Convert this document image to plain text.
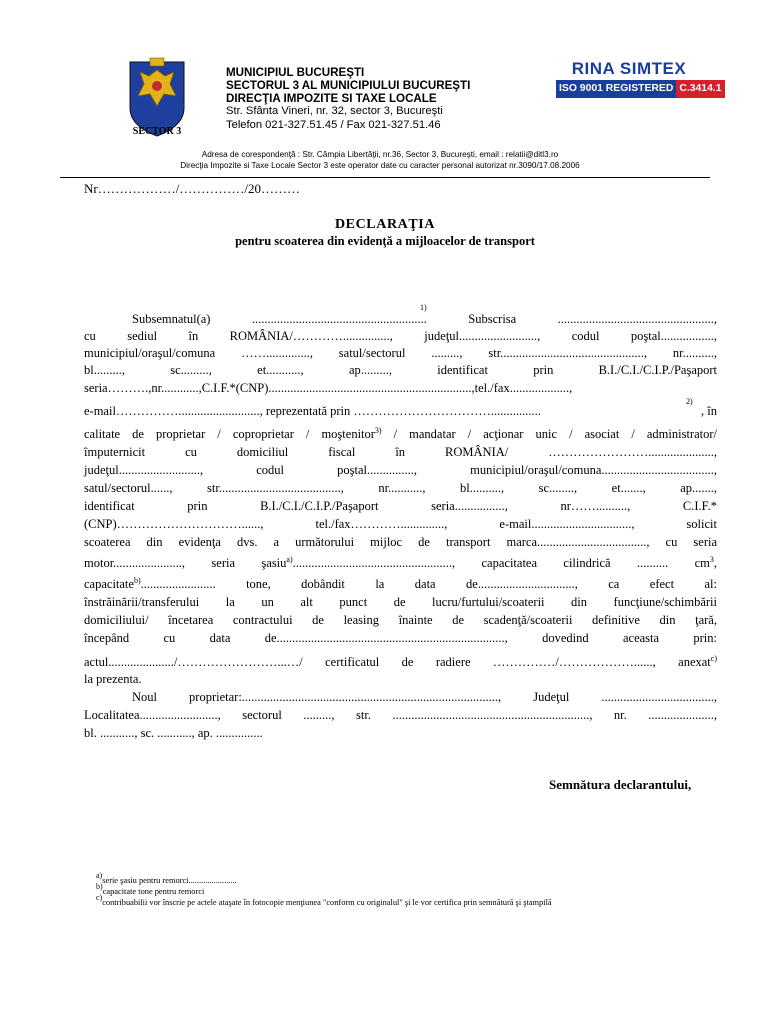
SECTOR 3
MUNICIPIUL BUCUREŞTI
SECTORUL 3 AL MUNICIPIULUI BUCUREŞTI
DIRECŢIA IMPOZITE SI TAXE LOCALE
Str. Sfânta Vineri, nr. 32, sector 3, Bucureşti
Telefon 021-327.51.45 / Fax 021-327.51.46
RINA SIMTEX
ISO 9001 REGISTERED C.3414.1
Adresa de corespondenţă : Str. Câmpia Libertăţii, nr.36, Sector 3, Bucureşti, email : relatii@ditl3.ro
Direcţia Impozite si Taxe Locale Sector 3 este operator date cu caracter personal autorizat nr.3090/17.08.2006
Nr………………/……………/20………
DECLARAŢIA
pentru scoaterea din evidenţă a mijloacelor de transport
1)
Subsemnatul(a) ........................................................ Subscrisa ..................................................,
cu sediul în ROMÂNIA/…………..............., judeţul........................., codul poştal.................,
municipiul/oraşul/comuna …….............., satul/sectorul ........., str.............................................., nr..........,
bl........., sc........., et..........., ap........., identificat prin B.I./C.I./C.I.P./Paşaport
seria……….,nr............,C.I.F.*(CNP).................................................................,tel./fax...................,
2)
e-mail…………….........................., reprezentată prin ……………………………................	, în
calitate de proprietar / coproprietar / moştenitor$^{3)}$ / mandatar / acţionar unic / asociat / administrator/
împuternicit cu domiciliul fiscal în ROMÂNIA/ …………………….....................,
judeţul.........................., codul poştal..............., municipiul/oraşul/comuna....................................,
satul/sectorul......, str......................................., nr..........., bl.........., sc........, et......., ap.......,
identificat prin B.I./C.I./C.I.P./Paşaport seria................, nr…….........., C.I.F.*
(CNP)…………………………......, tel./fax………….............., e-mail................................, solicit
scoaterea din evidenţa dvs. a următorului mijloc de transport marca..................................., cu seria
motor......................, seria şasiu$^{a)}$..................................................., capacitatea cilindrică .......... $cm^3$,
capacitate$^{b)}$........................ tone, dobândit la data de..............................., ca efect al:
înstrăinării/transferului la un alt punct de lucru/furtului/scoaterii din funcţiune/schimbării
domiciliului/ încetarea contractului de leasing înainte de scadenţă/scoaterii definitive din ţară,
începând cu data de........................................................................., dovedind aceasta prin:
actul...................../……………………...…/ certificatul de radiere ……………/………………......, anexat$^{c)}$
la prezenta.
Noul proprietar:.................................................................................., Judeţul ....................................,
Localitatea........................., sectorul ........., str. ..............................................................., nr. .....................,
bl. ..........., sc. ..........., ap. ...............
Semnătura declarantului,
$^{a)}$serie şasiu pentru remorci.......................
$^{b)}$capacitate tone pentru remorci
$^{c)}$contribuabilii vor înscrie pe actele ataşate în fotocopie menţiunea "conform cu originalul" şi le vor certifica prin semnătură şi ştampilă
